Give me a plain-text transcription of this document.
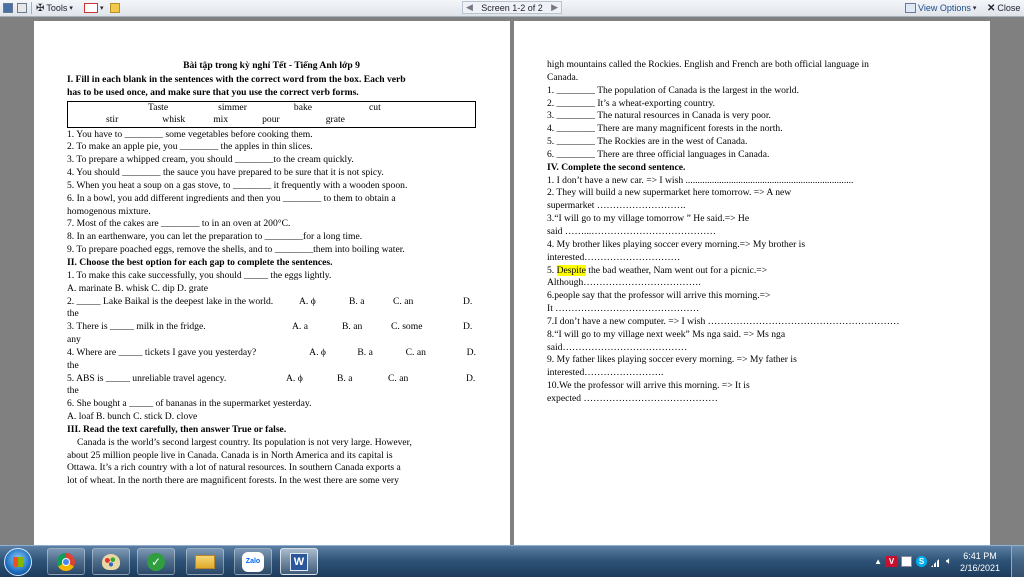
✠ Tools ▾	▾	◀ Screen 1-2 of 2 ▶	View Options ▾ ✕ Close
Bài tập trong kỳ nghỉ Tết - Tiếng Anh lớp 9
I. Fill in each blank in the sentences with the correct word from the box. Each verb
has to be used once, and make sure that you use the correct verb forms.
Taste	simmer	bake	cut
stir	whisk	mix	pour	grate
1. You have to ________ some vegetables before cooking them.
2. To make an apple pie, you ________ the apples in thin slices.
3. To prepare a whipped cream, you should ________to the cream quickly.
4. You should ________ the sauce you have prepared to be sure that it is not spicy.
5. When you heat a soup on a gas stove, to ________ it frequently with a wooden spoon.
6. In a bowl, you add different ingredients and then you ________ to them to obtain a
homogenous mixture.
7. Most of the cakes are ________ to in an oven at 200°C.
8. In an earthenware, you can let the preparation to ________for a long time.
9. To prepare poached eggs, remove the shells, and to ________them into boiling water.
II. Choose the best option for each gap to complete the sentences.
1. To make this cake successfully, you should _____ the eggs lightly.
A. marinate B. whisk C. dip D. grate
2. _____ Lake Baikal is the deepest lake in the world.	A. ϕ	B. a	C. an	D.
the
3. There is _____ milk in the fridge.	A. a	B. an	C. some	D.
any
4. Where are _____ tickets I gave you yesterday?	A. ϕ	B. a	C. an	D.
the
5. ABS is _____ unreliable travel agency.	A. ϕ	B. a	C. an	D.
the
6. She bought a _____ of bananas in the supermarket yesterday.
A. loaf B. bunch C. stick D. clove
III. Read the text carefully, then answer True or false.
Canada is the world’s second largest country. Its population is not very large. However,
about 25 million people live in Canada. Canada is in North America and its capital is
Ottawa. It’s a rich country with a lot of natural resources. In southern Canada exports a
lot of wheat. In the north there are magnificent forests. In the west there are some very
high mountains called the Rockies. English and French are both official language in
Canada.
1. ________ The population of Canada is the largest in the world.
2. ________ It’s a wheat-exporting country.
3. ________ The natural resources in Canada is very poor.
4. ________ There are many magnificent forests in the north.
5. ________ The Rockies are in the west of Canada.
6. ________ There are three official languages in Canada.
IV. Complete the second sentence.
1. I don’t have a new car. => I wish ......................................................................
2. They will build a new supermarket here tomorrow. => A new
supermarket ……………………….
3.“I will go to my village tomorrow ” He said.=> He
said ……...…………………………………
4. My brother likes playing soccer every morning.=> My brother is
interested…………………………
5. Despite the bad weather, Nam went out for a picnic.=>
Although……………………………….
6.people say that the professor will arrive this morning.=>
It ………………………………………
7.I don’t have a new computer. => I wish ……………………………………………………
8.“I will go to my village next week” Ms nga said. => Ms nga
said…………………………………
9. My father likes playing soccer every morning. => My father is
interested…………………….
10.We the professor will arrive this morning. => It is
expected ……………………………………
✓	Zalo	W	▲ V	S 🔈︎
6:41 PM
2/16/2021
